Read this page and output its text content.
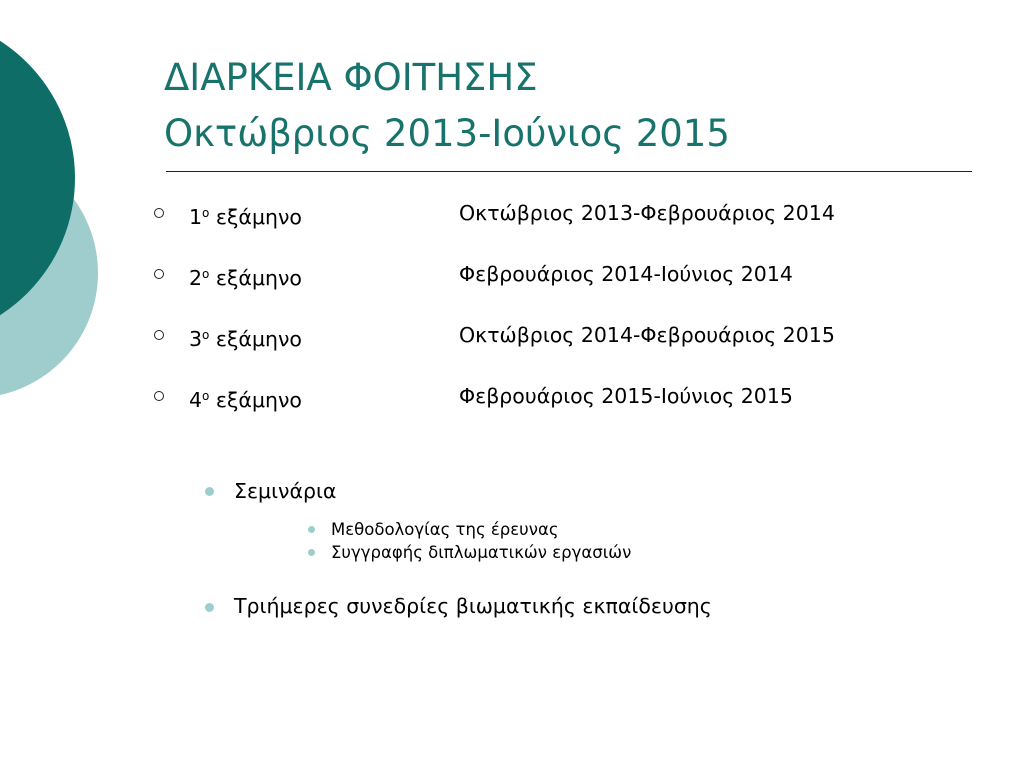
ΔΙΑΡΚΕΙΑ ΦΟΙΤΗΣΗΣ
Οκτώβριος 2013-Ιούνιος 2015
$1^o$ εξάμηνο	Οκτώβριος 2013-Φεβρουάριος 2014
$2^o$ εξάμηνο	Φεβρουάριος 2014-Ιούνιος 2014
$3^o$ εξάμηνο	Οκτώβριος 2014-Φεβρουάριος 2015
$4^o$ εξάμηνο	Φεβρουάριος 2015-Ιούνιος 2015
Σεμινάρια
Μεθοδολογίας της έρευνας
Συγγραφής διπλωματικών εργασιών
Τριήμερες συνεδρίες βιωματικής εκπαίδευσης
